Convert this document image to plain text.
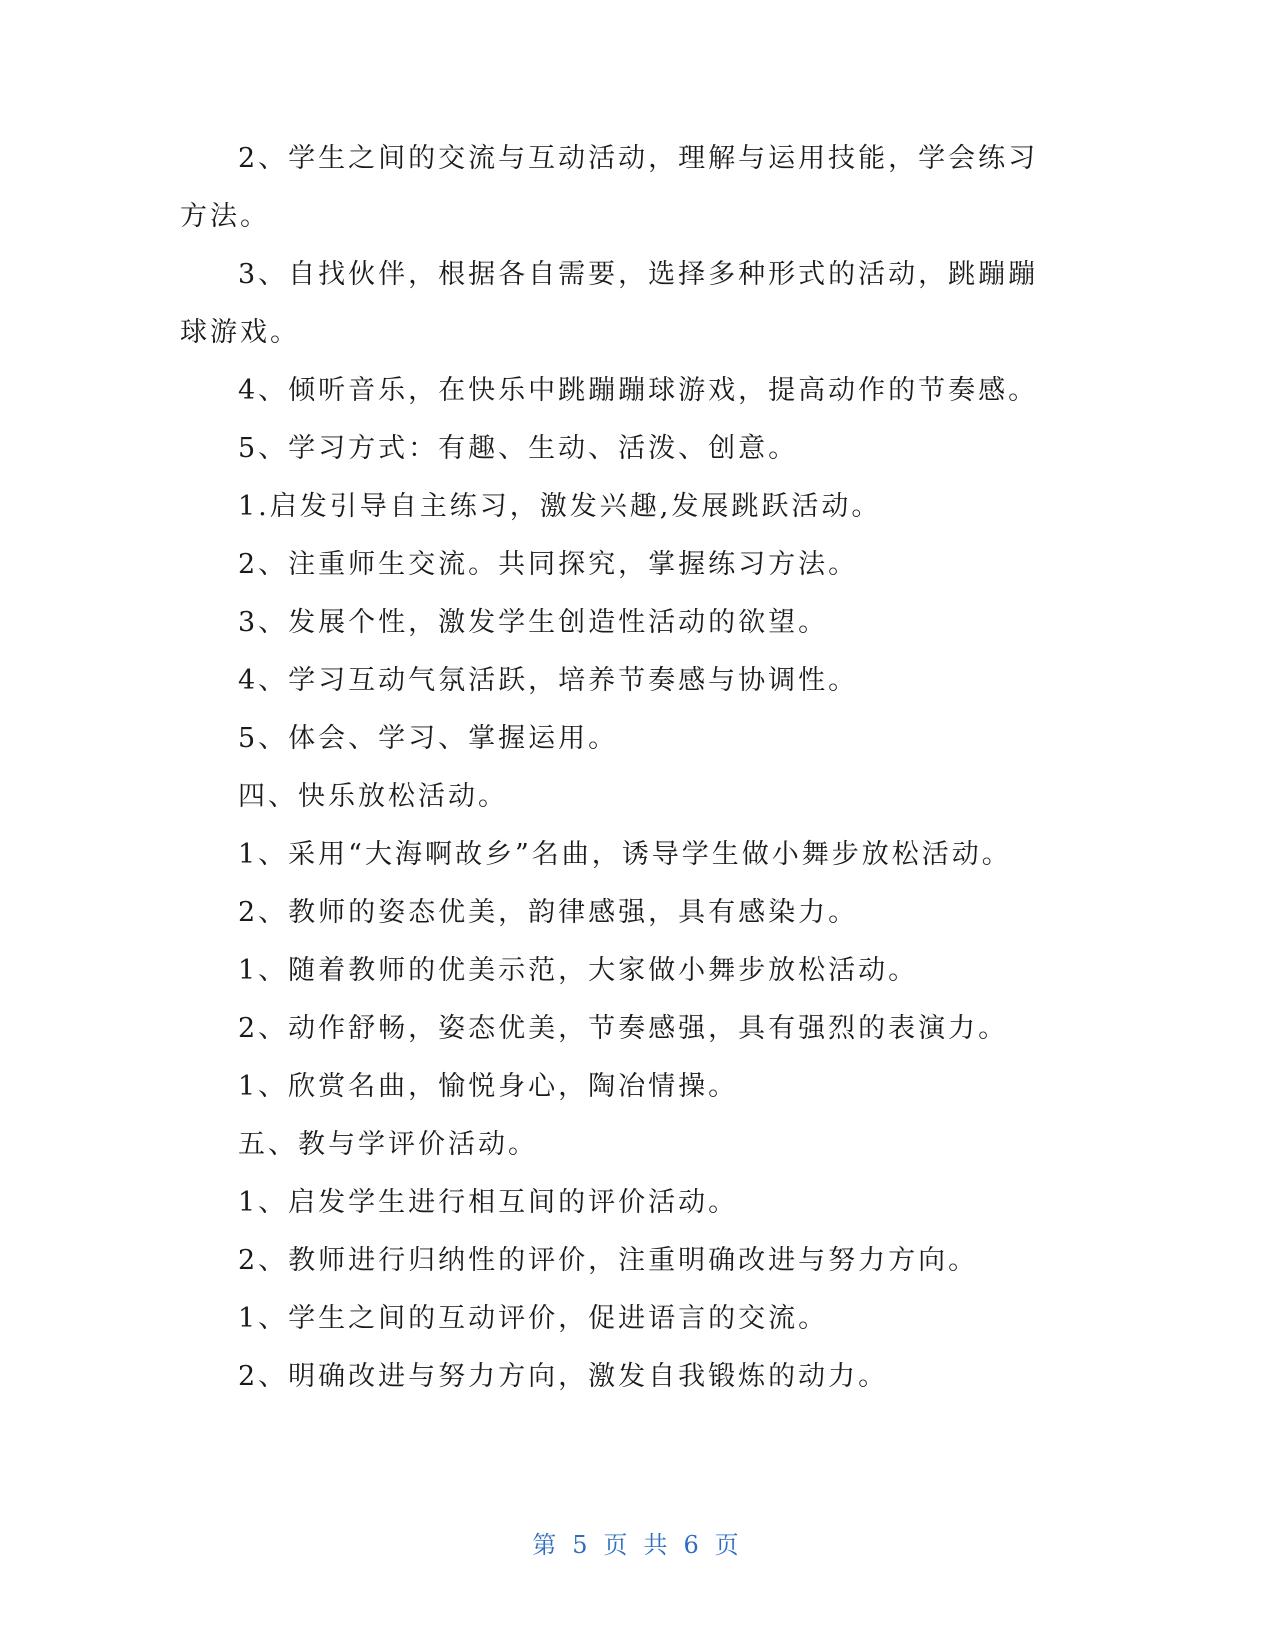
2、学生之间的交流与互动活动，理解与运用技能，学会练习方法。

3、自找伙伴，根据各自需要，选择多种形式的活动，跳蹦蹦球游戏。

4、倾听音乐，在快乐中跳蹦蹦球游戏，提高动作的节奏感。

5、学习方式：有趣、生动、活泼、创意。

1.启发引导自主练习，激发兴趣,发展跳跃活动。

2、注重师生交流。共同探究，掌握练习方法。

3、发展个性，激发学生创造性活动的欲望。

4、学习互动气氛活跃，培养节奏感与协调性。

5、体会、学习、掌握运用。

四、快乐放松活动。

1、采用“大海啊故乡”名曲，诱导学生做小舞步放松活动。

2、教师的姿态优美，韵律感强，具有感染力。

1、随着教师的优美示范，大家做小舞步放松活动。

2、动作舒畅，姿态优美，节奏感强，具有强烈的表演力。

1、欣赏名曲，愉悦身心，陶冶情操。

五、教与学评价活动。

1、启发学生进行相互间的评价活动。

2、教师进行归纳性的评价，注重明确改进与努力方向。

1、学生之间的互动评价，促进语言的交流。

2、明确改进与努力方向，激发自我锻炼的动力。

第 5 页 共 6 页
